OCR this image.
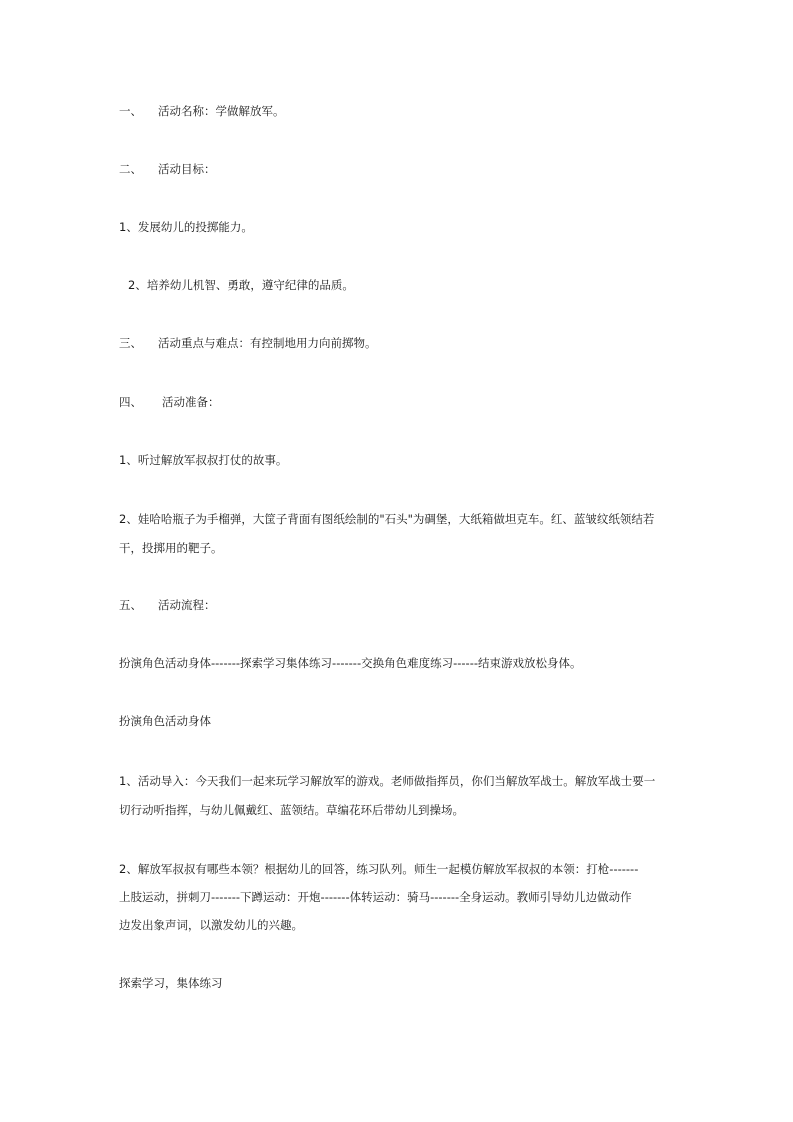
一、 活动名称：学做解放军。
二、 活动目标：
1、发展幼儿的投掷能力。
2、培养幼儿机智、勇敢，遵守纪律的品质。
三、 活动重点与难点：有控制地用力向前掷物。
四、 活动准备：
1、听过解放军叔叔打仗的故事。
2、娃哈哈瓶子为手榴弹，大筐子背面有图纸绘制的"石头"为碉堡，大纸箱做坦克车。红、蓝皱纹纸领结若
干，投掷用的靶子。
五、 活动流程：
扮演角色活动身体-------探索学习集体练习-------交换角色难度练习------结束游戏放松身体。
扮演角色活动身体
1、活动导入：今天我们一起来玩学习解放军的游戏。老师做指挥员，你们当解放军战士。解放军战士要一
切行动听指挥，与幼儿佩戴红、蓝领结。草编花环后带幼儿到操场。
2、解放军叔叔有哪些本领？根据幼儿的回答，练习队列。师生一起模仿解放军叔叔的本领：打枪-------
上肢运动，拼刺刀-------下蹲运动：开炮-------体转运动：骑马-------全身运动。教师引导幼儿边做动作
边发出象声词，以激发幼儿的兴趣。
探索学习，集体练习
